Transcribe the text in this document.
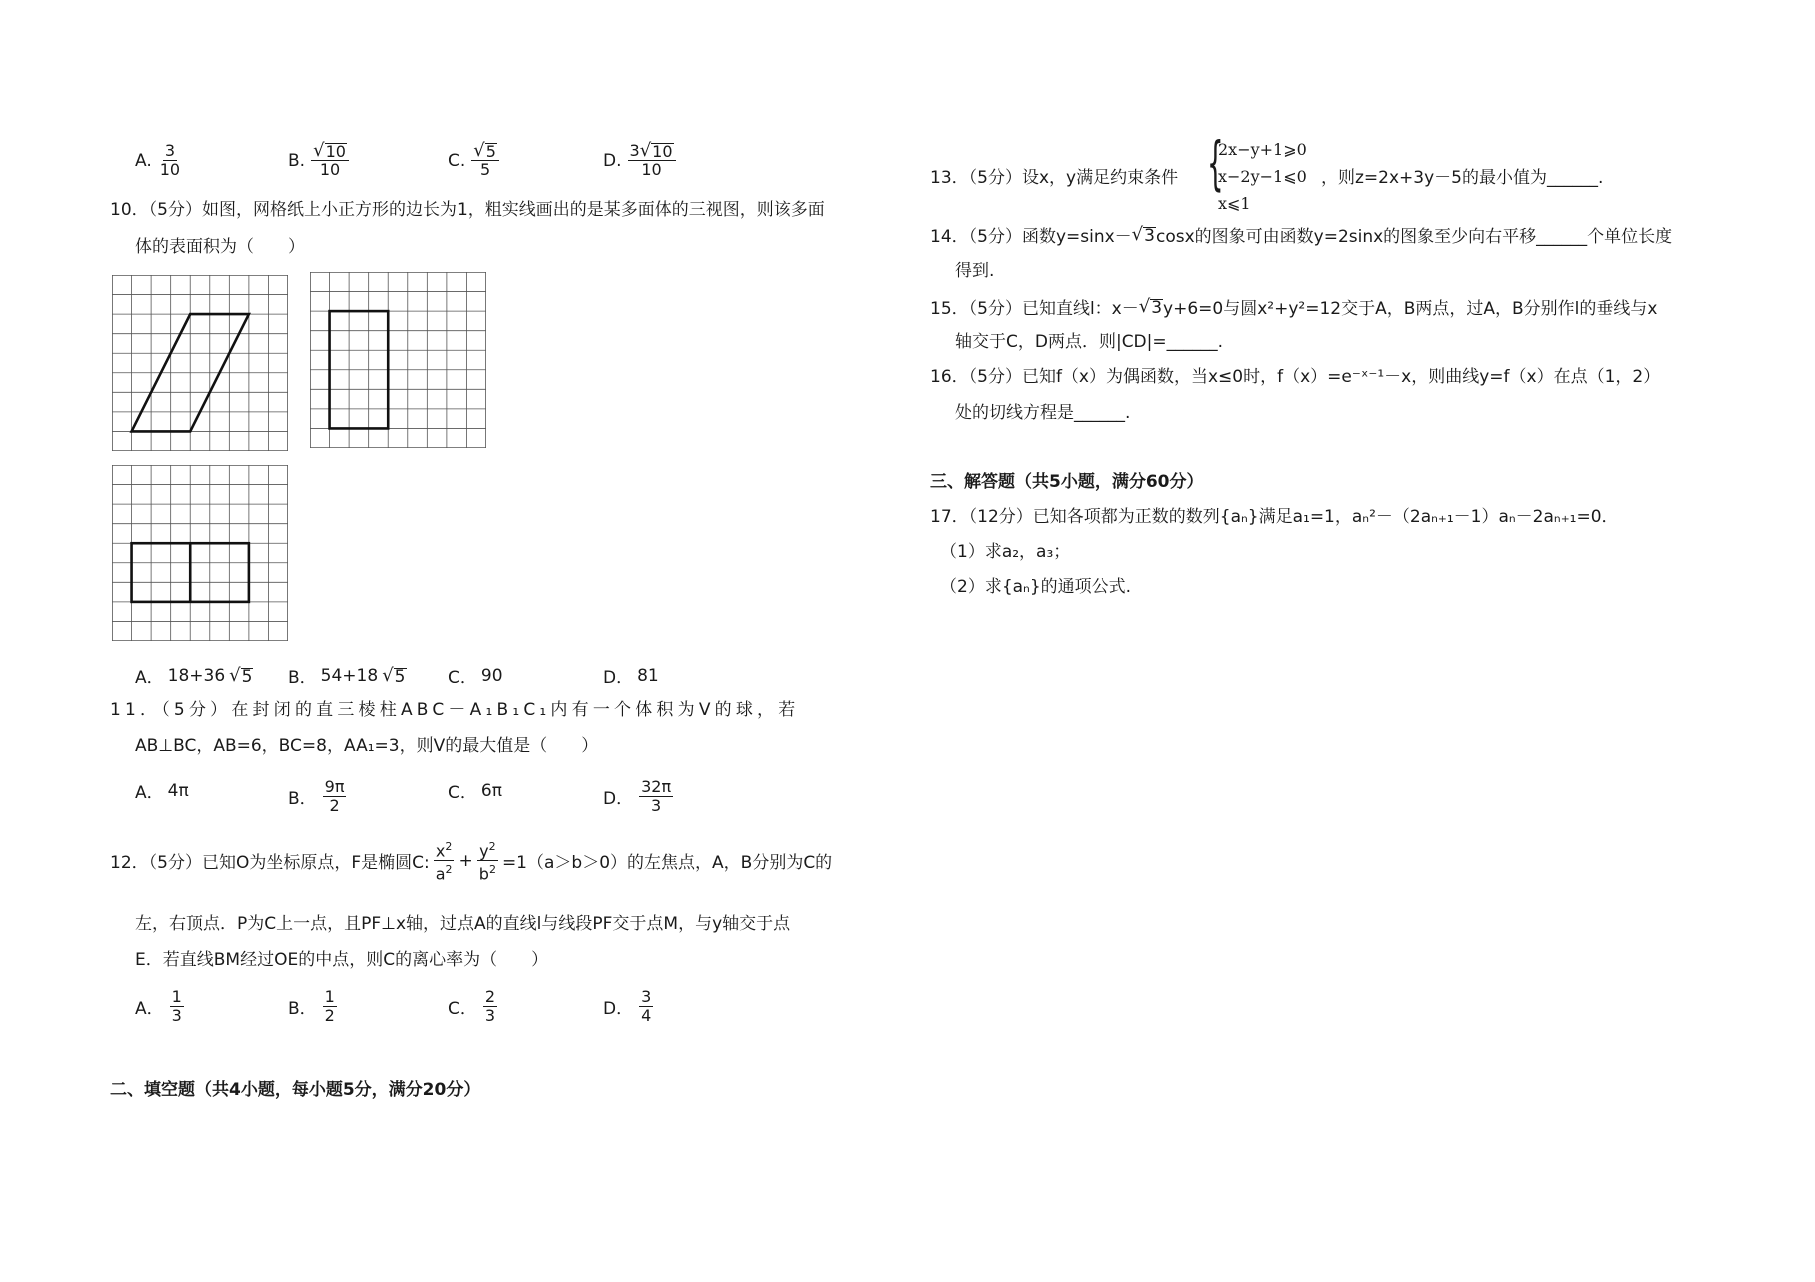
A. $\frac{3}{10}$	B. $\frac{√ 10}{10}$	C. $\frac{√ 5}{5}$	D. $\frac{3 √ 10}{10}$
10．（5分）如图，网格纸上小正方形的边长为1，粗实线画出的是某多面体的三视图，则该多面
体的表面积为（　　）
A． 18+36 √ 5 B． 54+18 √ 5	C． 90	D． 81
11．（5分）在封闭的直三棱柱ABC－A₁B₁C₁内有一个体积为V的球，若
AB⊥BC，AB=6，BC=8，AA₁=3，则V的最大值是（　　）
A． 4π	B． $\frac{9\pi}{2}$	C． 6π	D． $\frac{32\pi}{3}$
12．（5分）已知O为坐标原点，F是椭圆C: $\frac{x^2}{a^2} + \frac{y^2}{b^2} =1(a>b>0)$的左焦点，A，B分别为C的
左，右顶点．P为C上一点，且PF⊥x轴，过点A的直线l与线段PF交于点M，与y轴交于点
E．若直线BM经过OE的中点，则C的离心率为（　　）
A． $\frac{1}{3}$	B． $\frac{1}{2}$	C． $\frac{2}{3}$	D． $\frac{3}{4}$
二、填空题（共4小题，每小题5分，满分20分）
13．（5分）设x，y满足约束条件 {
2x−y+1⩾0
x−2y−1⩽0
x⩽1
，则z=2x+3y－5的最小值为______.
14．（5分）函数y=sinx－ √ 3 cosx的图象可由函数y=2sinx的图象至少向右平移______个单位长度
得到.
15．（5分）已知直线l：x－ √ 3 y+6=0与圆x²+y²=12交于A，B两点，过A，B分别作l的垂线与x
轴交于C，D两点．则|CD|=______.
16．（5分）已知f（x）为偶函数，当x≤0时，f（x）=e⁻ˣ⁻¹－x，则曲线y=f（x）在点（1，2）
处的切线方程是______.
三、解答题（共5小题，满分60分）
17．（12分）已知各项都为正数的数列{aₙ}满足a₁=1，aₙ²－（2aₙ₊₁－1）aₙ－2aₙ₊₁=0．
（1）求a₂，a₃；
（2）求{aₙ}的通项公式.
